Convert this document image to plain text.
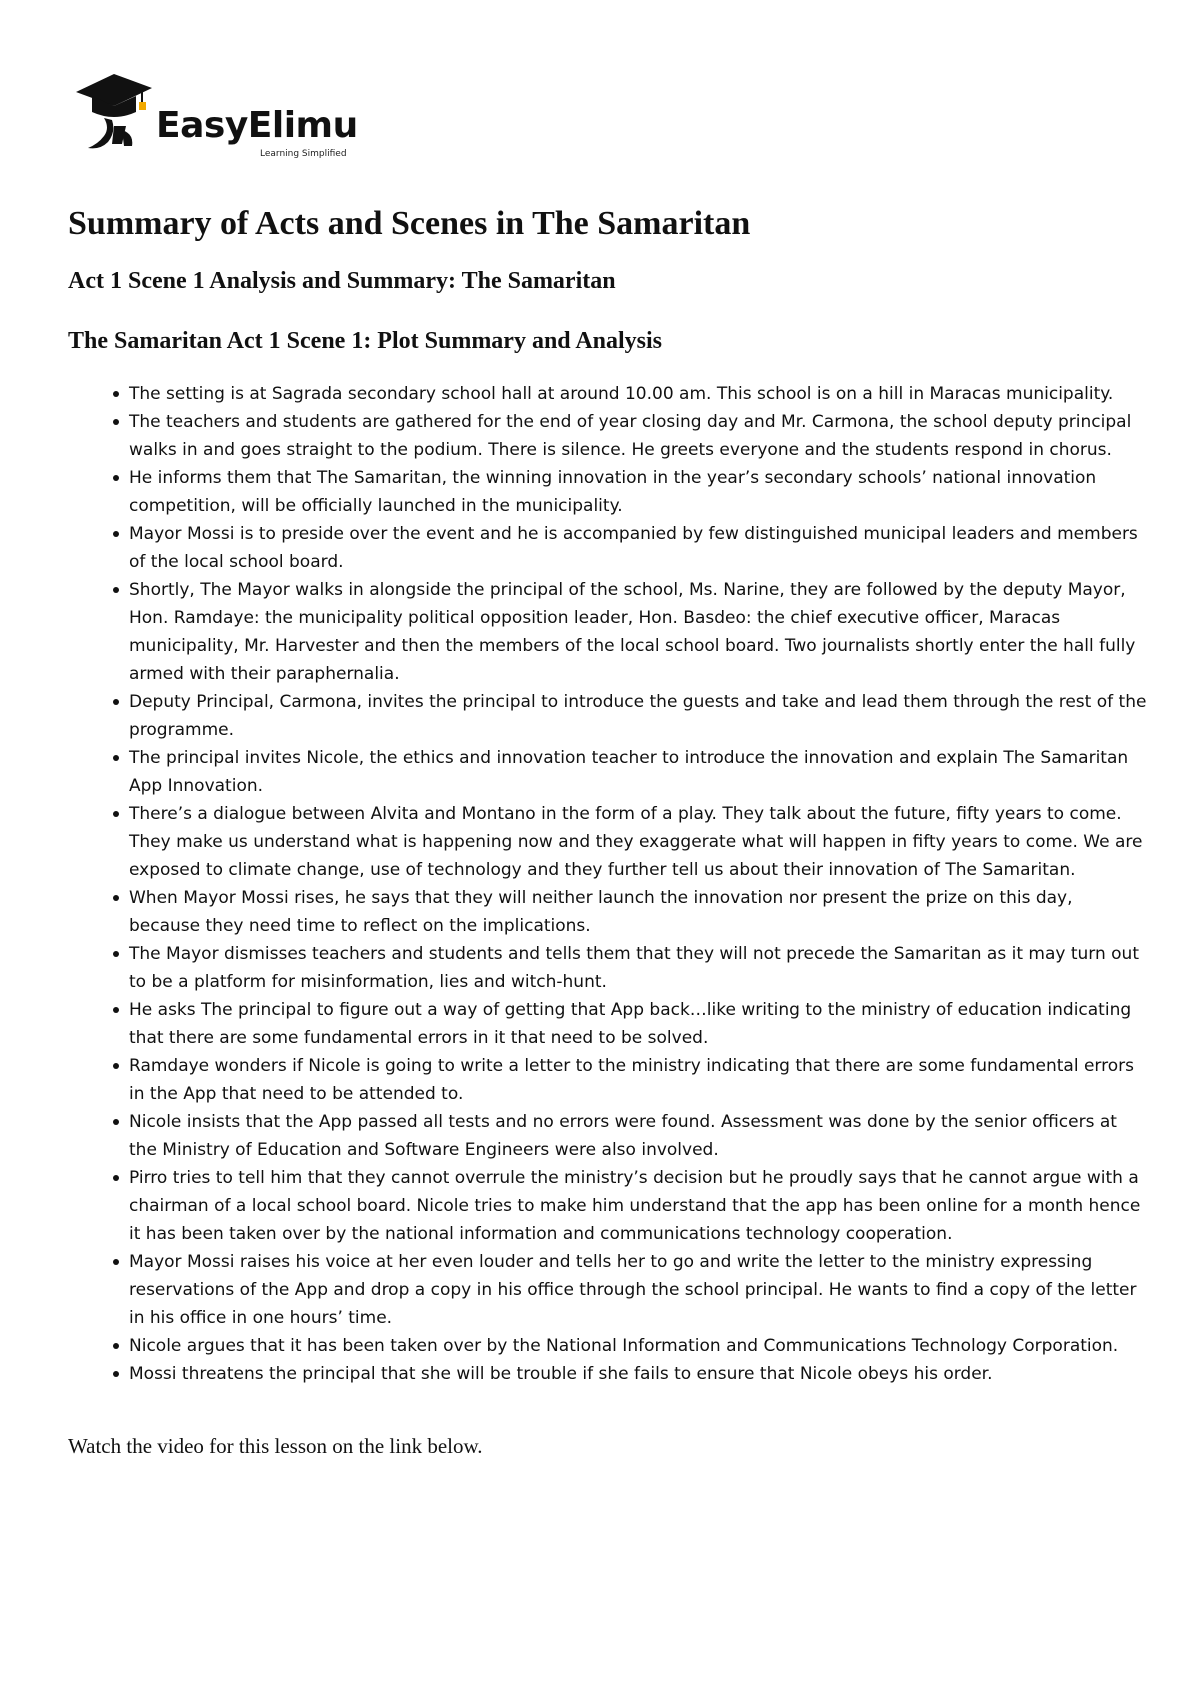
EasyElimu
Learning Simplified
Summary of Acts and Scenes in The Samaritan
Act 1 Scene 1 Analysis and Summary: The Samaritan
The Samaritan Act 1 Scene 1: Plot Summary and Analysis
The setting is at Sagrada secondary school hall at around 10.00 am. This school is on a hill in Maracas municipality.
The teachers and students are gathered for the end of year closing day and Mr. Carmona, the school deputy principal walks in and goes straight to the podium. There is silence. He greets everyone and the students respond in chorus.
He informs them that The Samaritan, the winning innovation in the year’s secondary schools’ national innovation competition, will be officially launched in the municipality.
Mayor Mossi is to preside over the event and he is accompanied by few distinguished municipal leaders and members of the local school board.
Shortly, The Mayor walks in alongside the principal of the school, Ms. Narine, they are followed by the deputy Mayor, Hon. Ramdaye: the municipality political opposition leader, Hon. Basdeo: the chief executive officer, Maracas municipality, Mr. Harvester and then the members of the local school board. Two journalists shortly enter the hall fully armed with their paraphernalia.
Deputy Principal, Carmona, invites the principal to introduce the guests and take and lead them through the rest of the programme.
The principal invites Nicole, the ethics and innovation teacher to introduce the innovation and explain The Samaritan App Innovation.
There’s a dialogue between Alvita and Montano in the form of a play. They talk about the future, fifty years to come. They make us understand what is happening now and they exaggerate what will happen in fifty years to come. We are exposed to climate change, use of technology and they further tell us about their innovation of The Samaritan.
When Mayor Mossi rises, he says that they will neither launch the innovation nor present the prize on this day, because they need time to reflect on the implications.
The Mayor dismisses teachers and students and tells them that they will not precede the Samaritan as it may turn out to be a platform for misinformation, lies and witch-hunt.
He asks The principal to figure out a way of getting that App back…like writing to the ministry of education indicating that there are some fundamental errors in it that need to be solved.
Ramdaye wonders if Nicole is going to write a letter to the ministry indicating that there are some fundamental errors in the App that need to be attended to.
Nicole insists that the App passed all tests and no errors were found. Assessment was done by the senior officers at the Ministry of Education and Software Engineers were also involved.
Pirro tries to tell him that they cannot overrule the ministry’s decision but he proudly says that he cannot argue with a chairman of a local school board. Nicole tries to make him understand that the app has been online for a month hence it has been taken over by the national information and communications technology cooperation.
Mayor Mossi raises his voice at her even louder and tells her to go and write the letter to the ministry expressing reservations of the App and drop a copy in his office through the school principal. He wants to find a copy of the letter in his office in one hours’ time.
Nicole argues that it has been taken over by the National Information and Communications Technology Corporation.
Mossi threatens the principal that she will be trouble if she fails to ensure that Nicole obeys his order.

Watch the video for this lesson on the link below.
